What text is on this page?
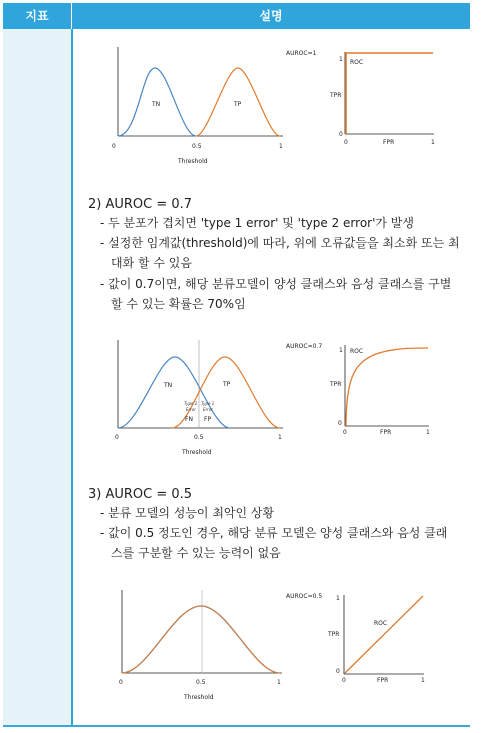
지표	설명
TN	TP
0	0.5	1
Threshold
AUROC=1
ROC
TPR
1
0
0	1
FPR
2) AUROC = 0.7
- 두 분포가 겹치면 'type 1 error' 및 'type 2 error'가 발생
- 설정한 임계값(threshold)에 따라, 위에 오류값들을 최소화 또는 최
대화 할 수 있음
- 값이 0.7이면, 해당 분류모델이 양성 클래스와 음성 클래스를 구별
할 수 있는 확률은 70%임
TN	TP
Type 2 Type 1
Error Error
FN FP
0	0.5	1
Threshold
AUROC=0.7
ROC
TPR
1
0
0	1
FPR
3) AUROC = 0.5
- 분류 모델의 성능이 최악인 상황
- 값이 0.5 정도인 경우, 해당 분류 모델은 양성 클래스와 음성 클래
스를 구분할 수 있는 능력이 없음
0	0.5	1
Threshold
AUROC=0.5
ROC
TPR
1
0
0	1
FPR
